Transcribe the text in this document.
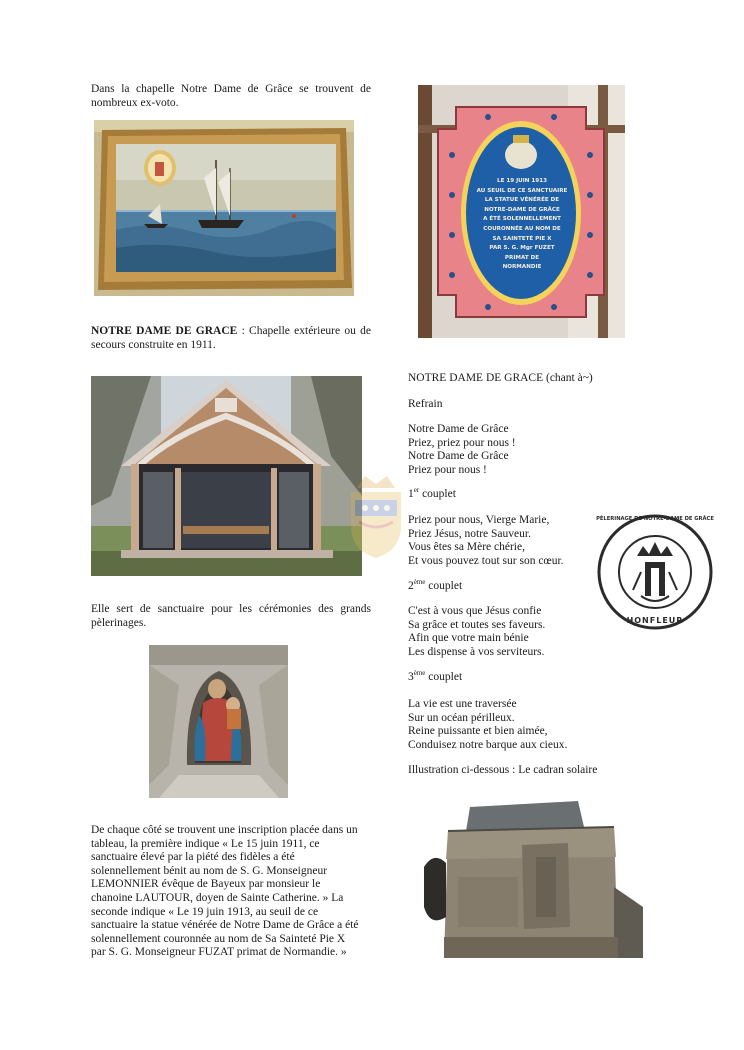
Dans la chapelle Notre Dame de Grâce se trouvent de nombreux ex-voto.
NOTRE DAME DE GRACE : Chapelle extérieure ou de secours construite en 1911.
Elle sert de sanctuaire pour les cérémonies des grands pèlerinages.
De chaque côté se trouvent une inscription placée dans un
tableau, la première indique « Le 15 juin 1911, ce
sanctuaire élevé par la piété des fidèles a été
solennellement bénit au nom de S. G. Monseigneur
LEMONNIER évêque de Bayeux par monsieur le
chanoine LAUTOUR, doyen de Sainte Catherine. » La
seconde indique « Le 19 juin 1913, au seuil de ce
sanctuaire la statue vénérée de Notre Dame de Grâce a été
solennellement couronnée au nom de Sa Sainteté Pie X
par S. G. Monseigneur FUZAT primat de Normandie. »
LE 19 JUIN 1913
AU SEUIL DE CE SANCTUAIRE
LA STATUE VÉNÉRÉE DE
NOTRE-DAME DE GRÂCE
A ÉTÉ SOLENNELLEMENT
COURONNÉE AU NOM DE
SA SAINTETÉ PIE X
PAR S. G. Mgr FUZET
PRIMAT DE
NORMANDIE
NOTRE DAME DE GRACE (chant à~)
Refrain
Notre Dame de Grâce
Priez, priez pour nous !
Notre Dame de Grâce
Priez pour nous !
1er couplet
Priez pour nous, Vierge Marie,
Priez Jésus, notre Sauveur.
Vous êtes sa Mère chérie,
Et vous pouvez tout sur son cœur.
2ème couplet
C'est à vous que Jésus confie
Sa grâce et toutes ses faveurs.
Afin que votre main bénie
Les dispense à vos serviteurs.
3ème couplet
La vie est une traversée
Sur un océan périlleux.
Reine puissante et bien aimée,
Conduisez notre barque aux cieux.
Illustration ci-dessous : Le cadran solaire
PÈLERINAGE DE NOTRE-DAME DE GRÂCE
HONFLEUR
